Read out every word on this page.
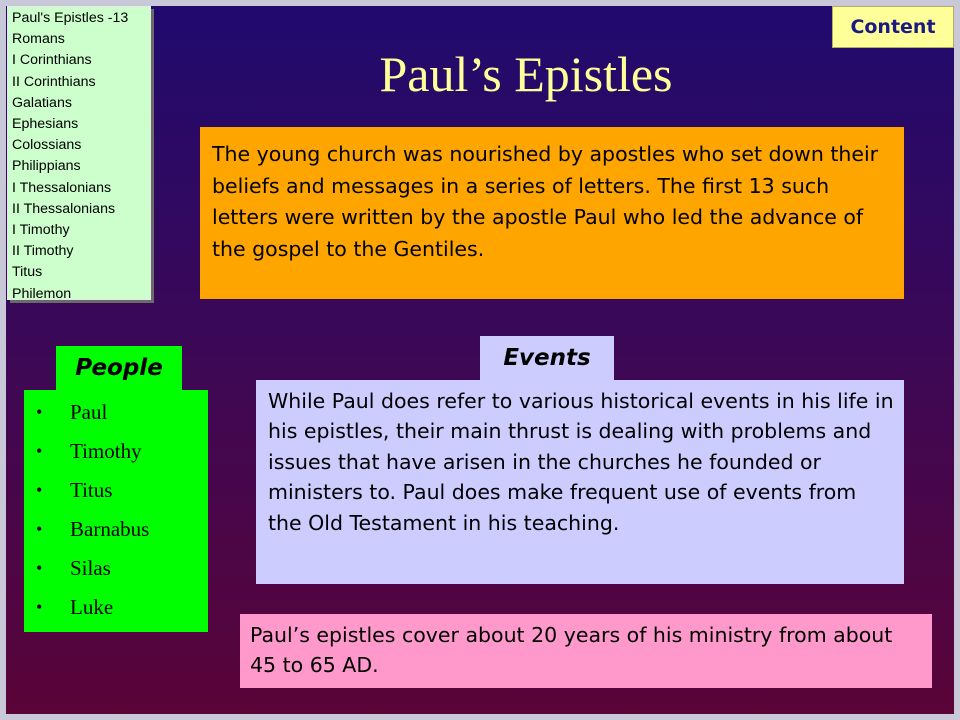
Paul's Epistles -13
Romans
I Corinthians
II Corinthians
Galatians
Ephesians
Colossians
Philippians
I Thessalonians
II Thessalonians
I Timothy
II Timothy
Titus
Philemon
Content
Paul’s Epistles
The young church was nourished by apostles who set down their beliefs and messages in a series of letters. The first 13 such letters were written by the apostle Paul who led the advance of the gospel to the Gentiles.
People
• Paul
• Timothy
• Titus
• Barnabus
• Silas
• Luke
Events
While Paul does refer to various historical events in his life in his epistles, their main thrust is dealing with problems and issues that have arisen in the churches he founded or ministers to. Paul does make frequent use of events from the Old Testament in his teaching.
Paul’s epistles cover about 20 years of his ministry from about 45 to 65 AD.
